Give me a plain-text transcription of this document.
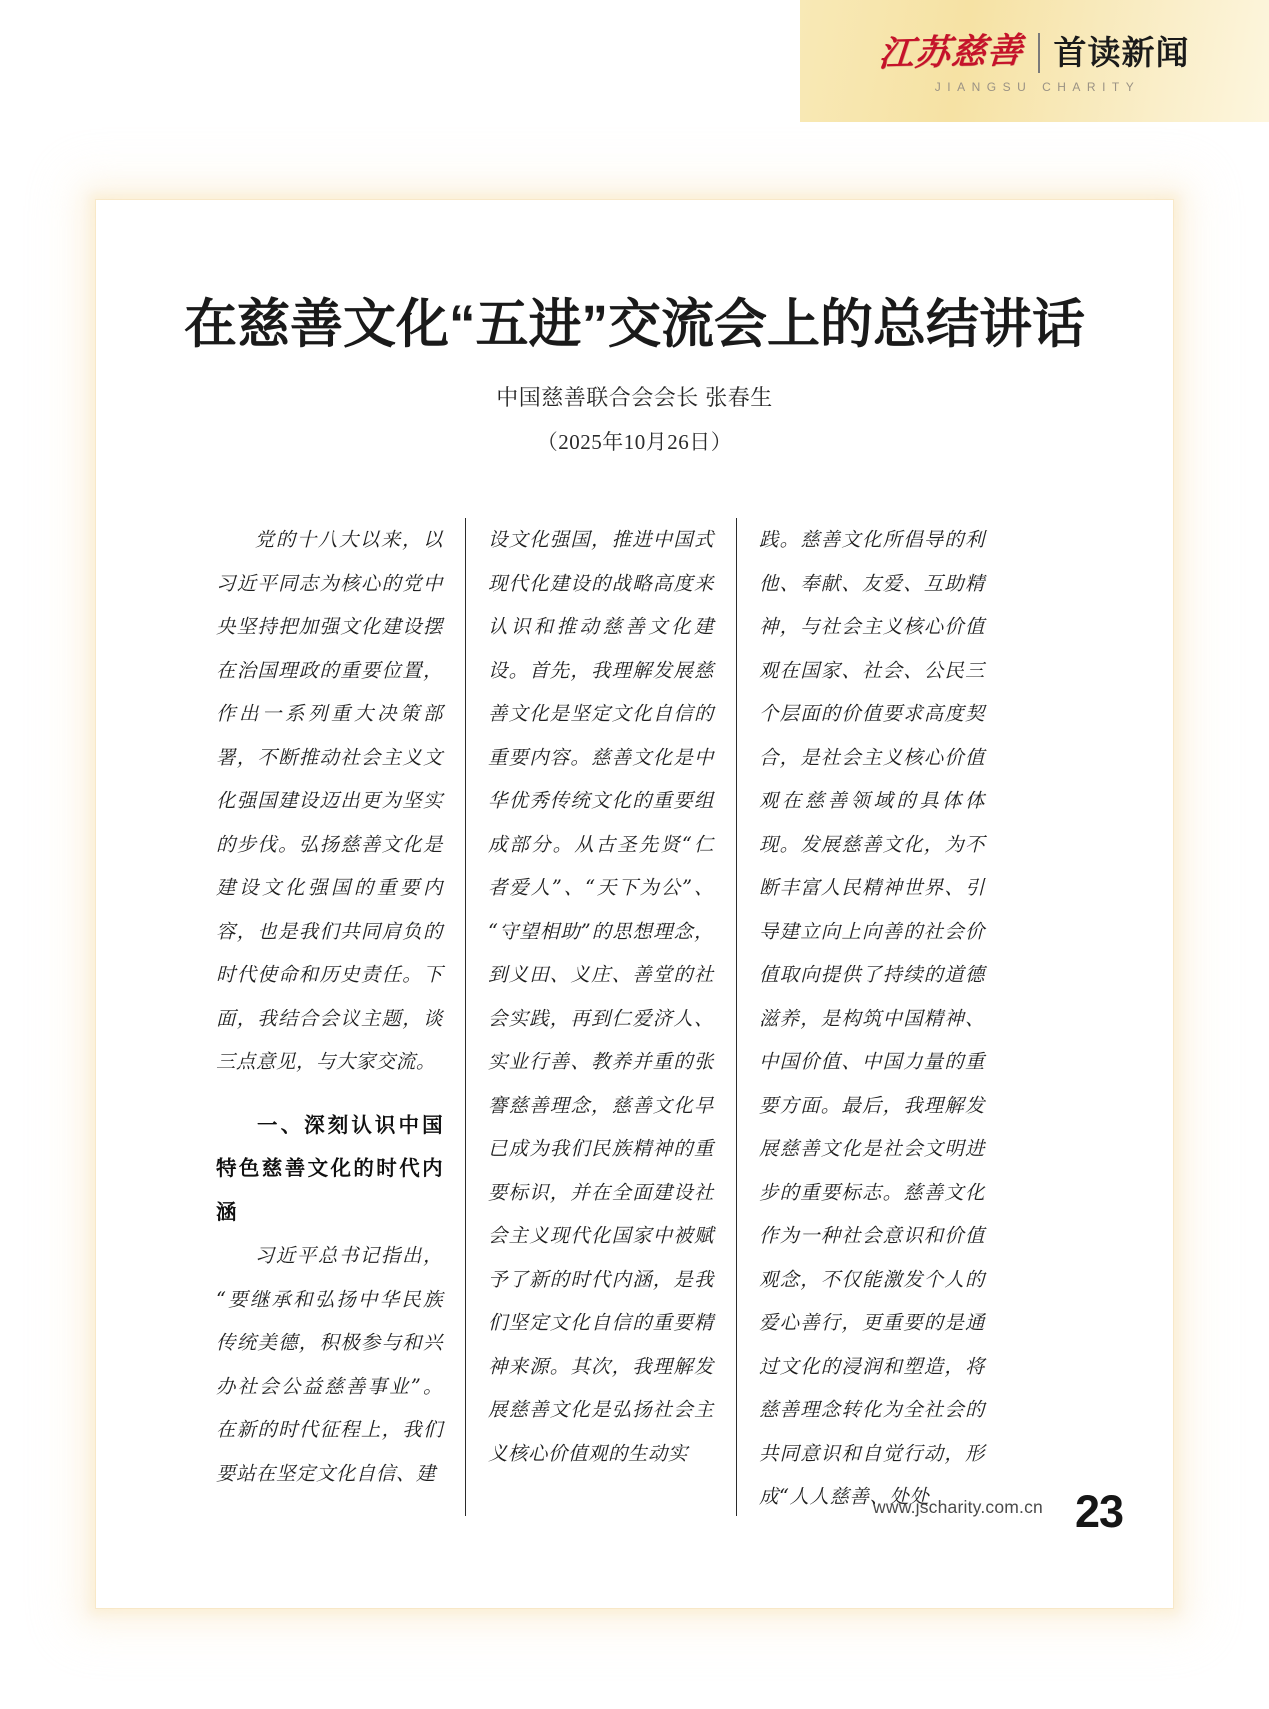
江苏慈善 首读新闻
JIANGSU CHARITY
在慈善文化“五进”交流会上的总结讲话
中国慈善联合会会长 张春生
（2025年10月26日）

党的十八大以来，以习近平同志为核心的党中央坚持把加强文化建设摆在治国理政的重要位置，作出一系列重大决策部署，不断推动社会主义文化强国建设迈出更为坚实的步伐。弘扬慈善文化是建设文化强国的重要内容，也是我们共同肩负的时代使命和历史责任。下面，我结合会议主题，谈三点意见，与大家交流。

一、深刻认识中国特色慈善文化的时代内涵

习近平总书记指出，“要继承和弘扬中华民族传统美德，积极参与和兴办社会公益慈善事业”。在新的时代征程上，我们要站在坚定文化自信、建

设文化强国，推进中国式现代化建设的战略高度来认识和推动慈善文化建设。首先，我理解发展慈善文化是坚定文化自信的重要内容。慈善文化是中华优秀传统文化的重要组成部分。从古圣先贤“仁者爱人”、“天下为公”、“守望相助”的思想理念，到义田、义庄、善堂的社会实践，再到仁爱济人、实业行善、教养并重的张謇慈善理念，慈善文化早已成为我们民族精神的重要标识，并在全面建设社会主义现代化国家中被赋予了新的时代内涵，是我们坚定文化自信的重要精神来源。其次，我理解发展慈善文化是弘扬社会主义核心价值观的生动实

践。慈善文化所倡导的利他、奉献、友爱、互助精神，与社会主义核心价值观在国家、社会、公民三个层面的价值要求高度契合，是社会主义核心价值观在慈善领域的具体体现。发展慈善文化，为不断丰富人民精神世界、引导建立向上向善的社会价值取向提供了持续的道德滋养，是构筑中国精神、中国价值、中国力量的重要方面。最后，我理解发展慈善文化是社会文明进步的重要标志。慈善文化作为一种社会意识和价值观念，不仅能激发个人的爱心善行，更重要的是通过文化的浸润和塑造，将慈善理念转化为全社会的共同意识和自觉行动，形成“人人慈善、处处

www.jscharity.com.cn 23
